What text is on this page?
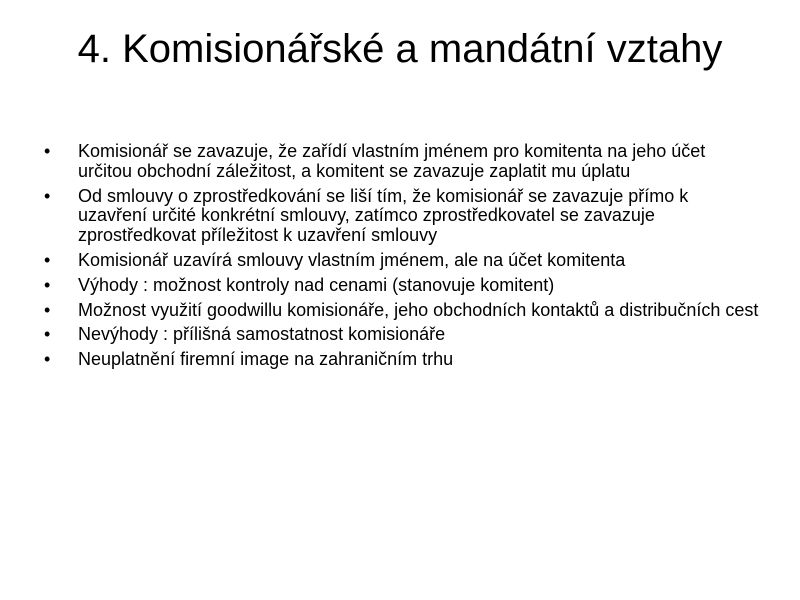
4. Komisionářské a mandátní vztahy
•	Komisionář se zavazuje, že zařídí vlastním jménem pro komitenta na jeho účet určitou obchodní záležitost, a komitent se zavazuje zaplatit mu úplatu
•	Od smlouvy o zprostředkování se liší tím, že komisionář se zavazuje přímo k uzavření určité konkrétní smlouvy, zatímco zprostředkovatel se zavazuje zprostředkovat příležitost k uzavření smlouvy
•	Komisionář uzavírá smlouvy vlastním jménem, ale na účet komitenta
•	Výhody : možnost kontroly nad cenami (stanovuje komitent)
•	Možnost využití goodwillu komisionáře, jeho obchodních kontaktů a distribučních cest
•	Nevýhody : přílišná samostatnost komisionáře
•	Neuplatnění firemní image na zahraničním trhu
